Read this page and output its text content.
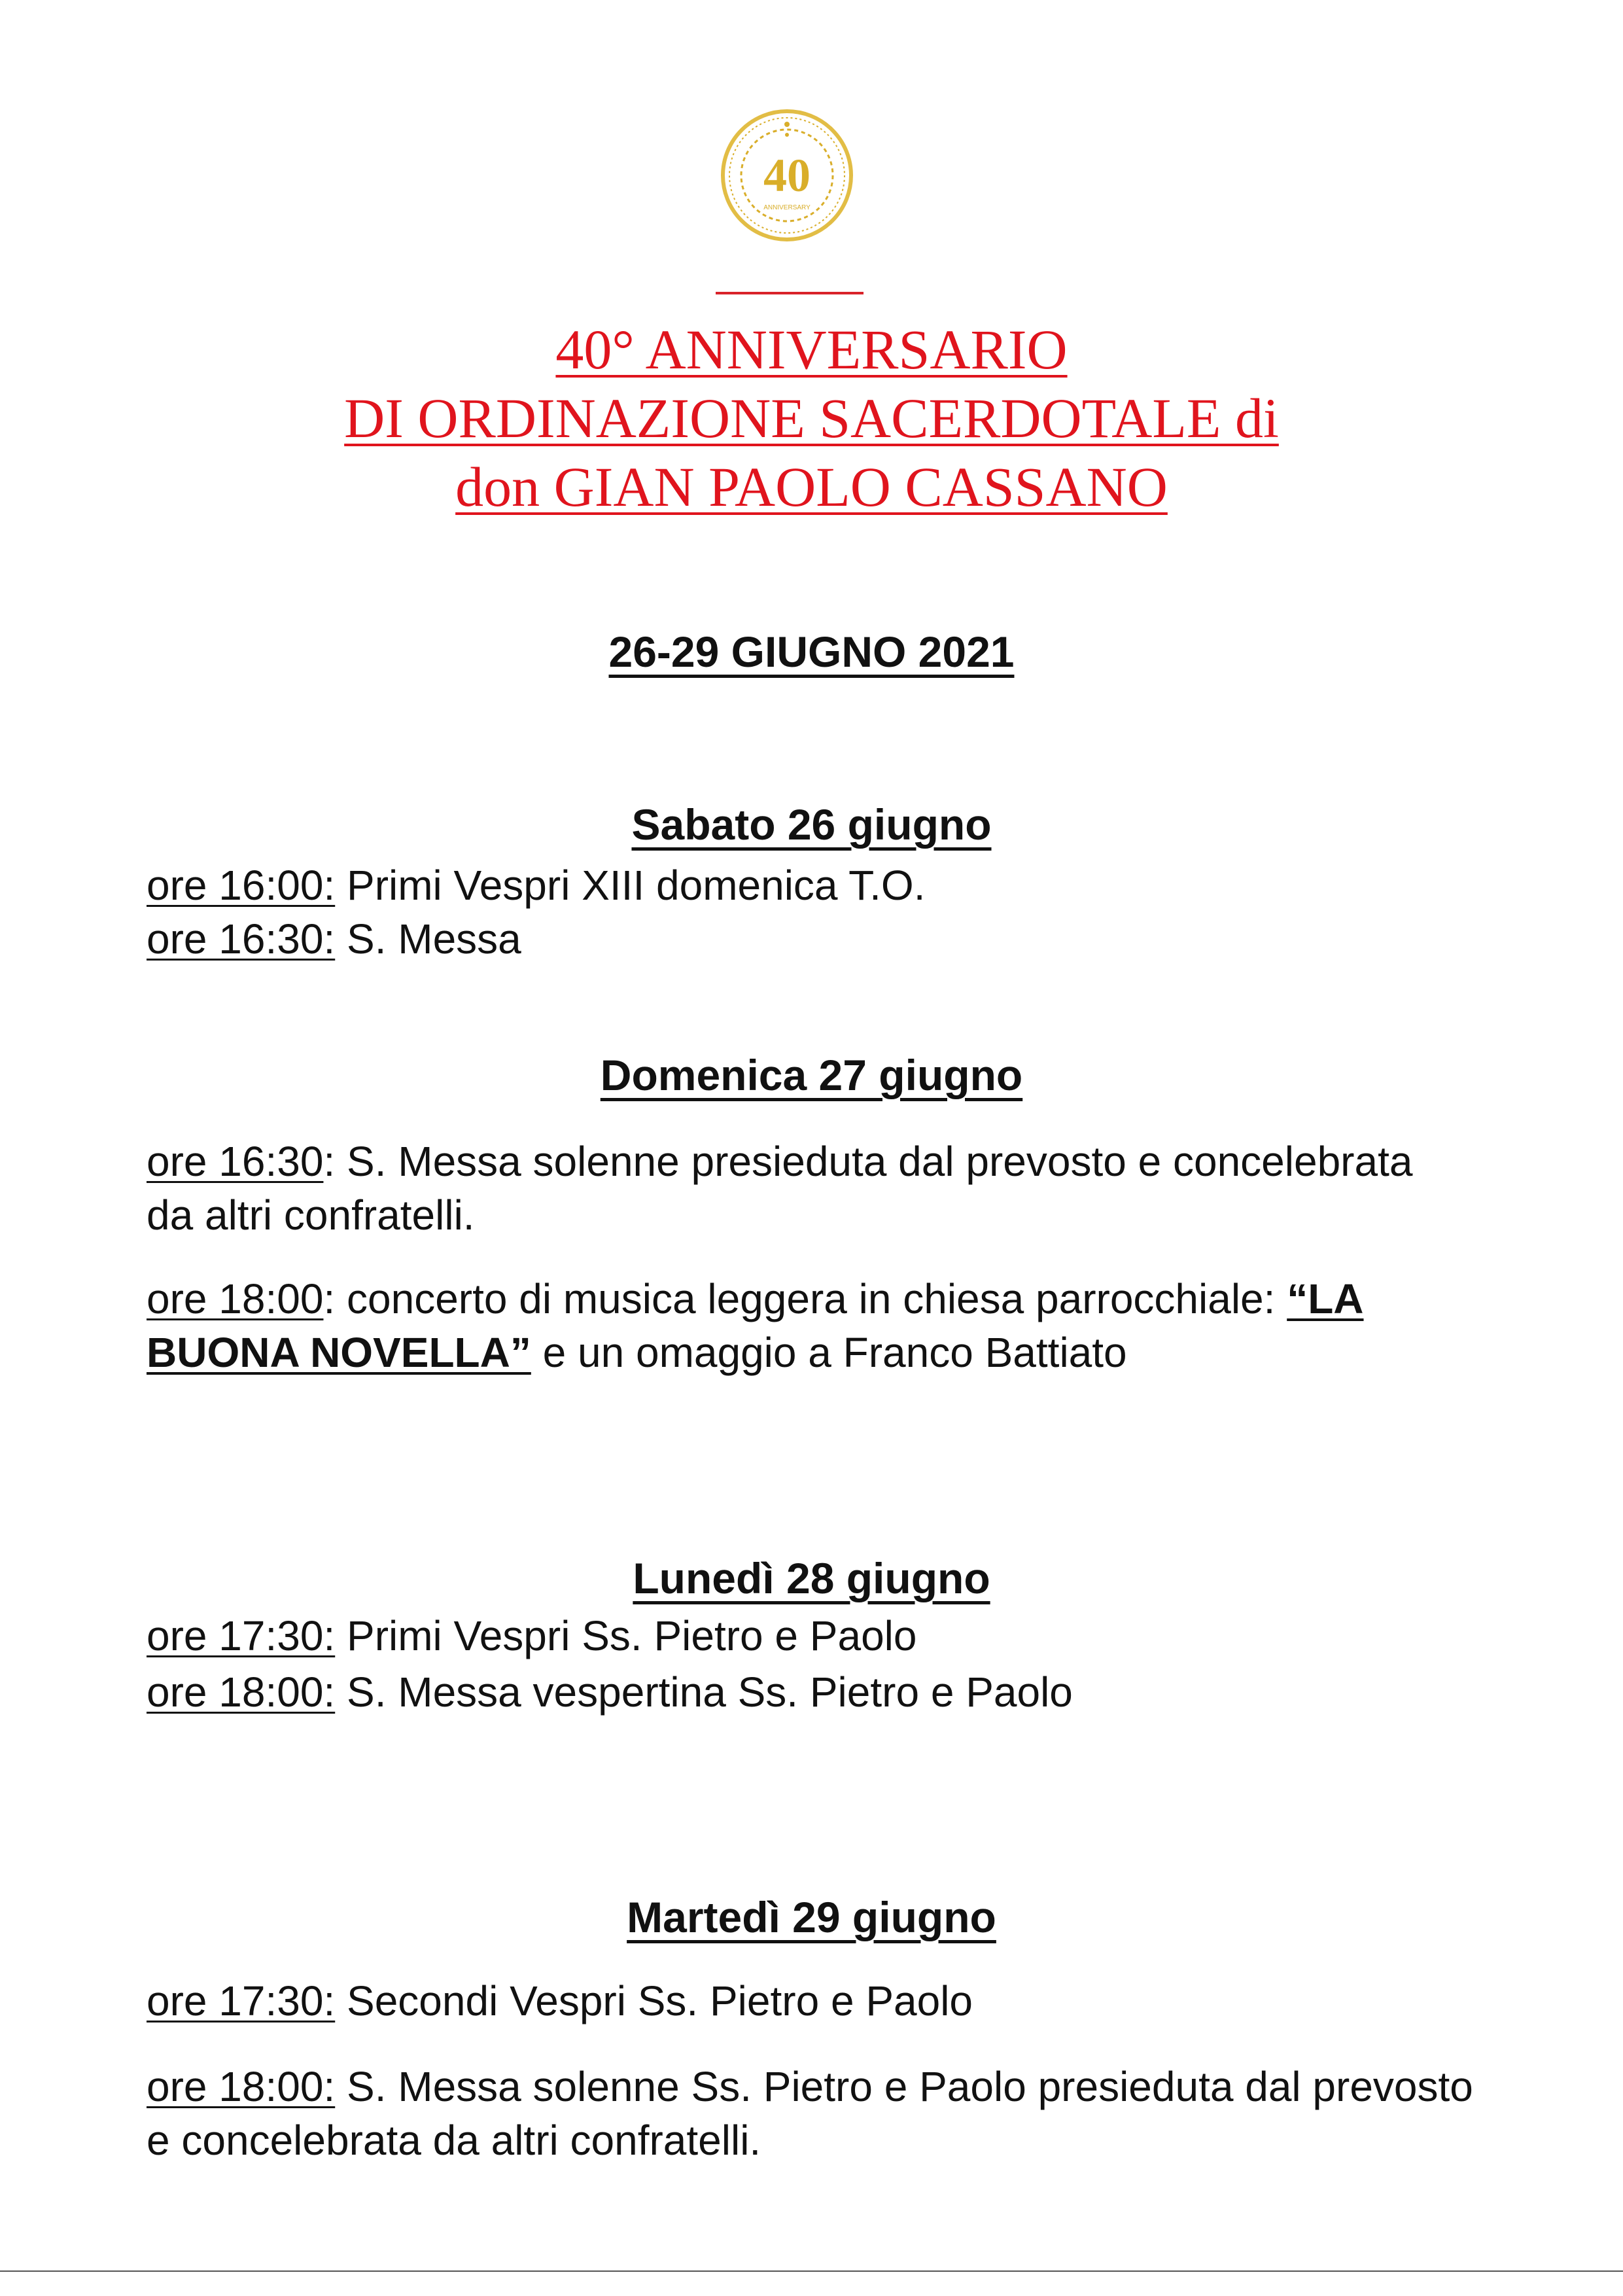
40
ANNIVERSARY
40° ANNIVERSARIO
DI ORDINAZIONE SACERDOTALE di
don GIAN PAOLO CASSANO
26-29 GIUGNO 2021
Sabato 26 giugno
ore 16:00: Primi Vespri XIII domenica T.O.
ore 16:30: S. Messa
Domenica 27 giugno
ore 16:30: S. Messa solenne presieduta dal prevosto e concelebrata da altri confratelli.
ore 18:00: concerto di musica leggera in chiesa parrocchiale: “LA BUONA NOVELLA” e un omaggio a Franco Battiato
Lunedì 28 giugno
ore 17:30: Primi Vespri Ss. Pietro e Paolo
ore 18:00: S. Messa vespertina Ss. Pietro e Paolo
Martedì 29 giugno
ore 17:30: Secondi Vespri Ss. Pietro e Paolo
ore 18:00: S. Messa solenne Ss. Pietro e Paolo presieduta dal prevosto e concelebrata da altri confratelli.
